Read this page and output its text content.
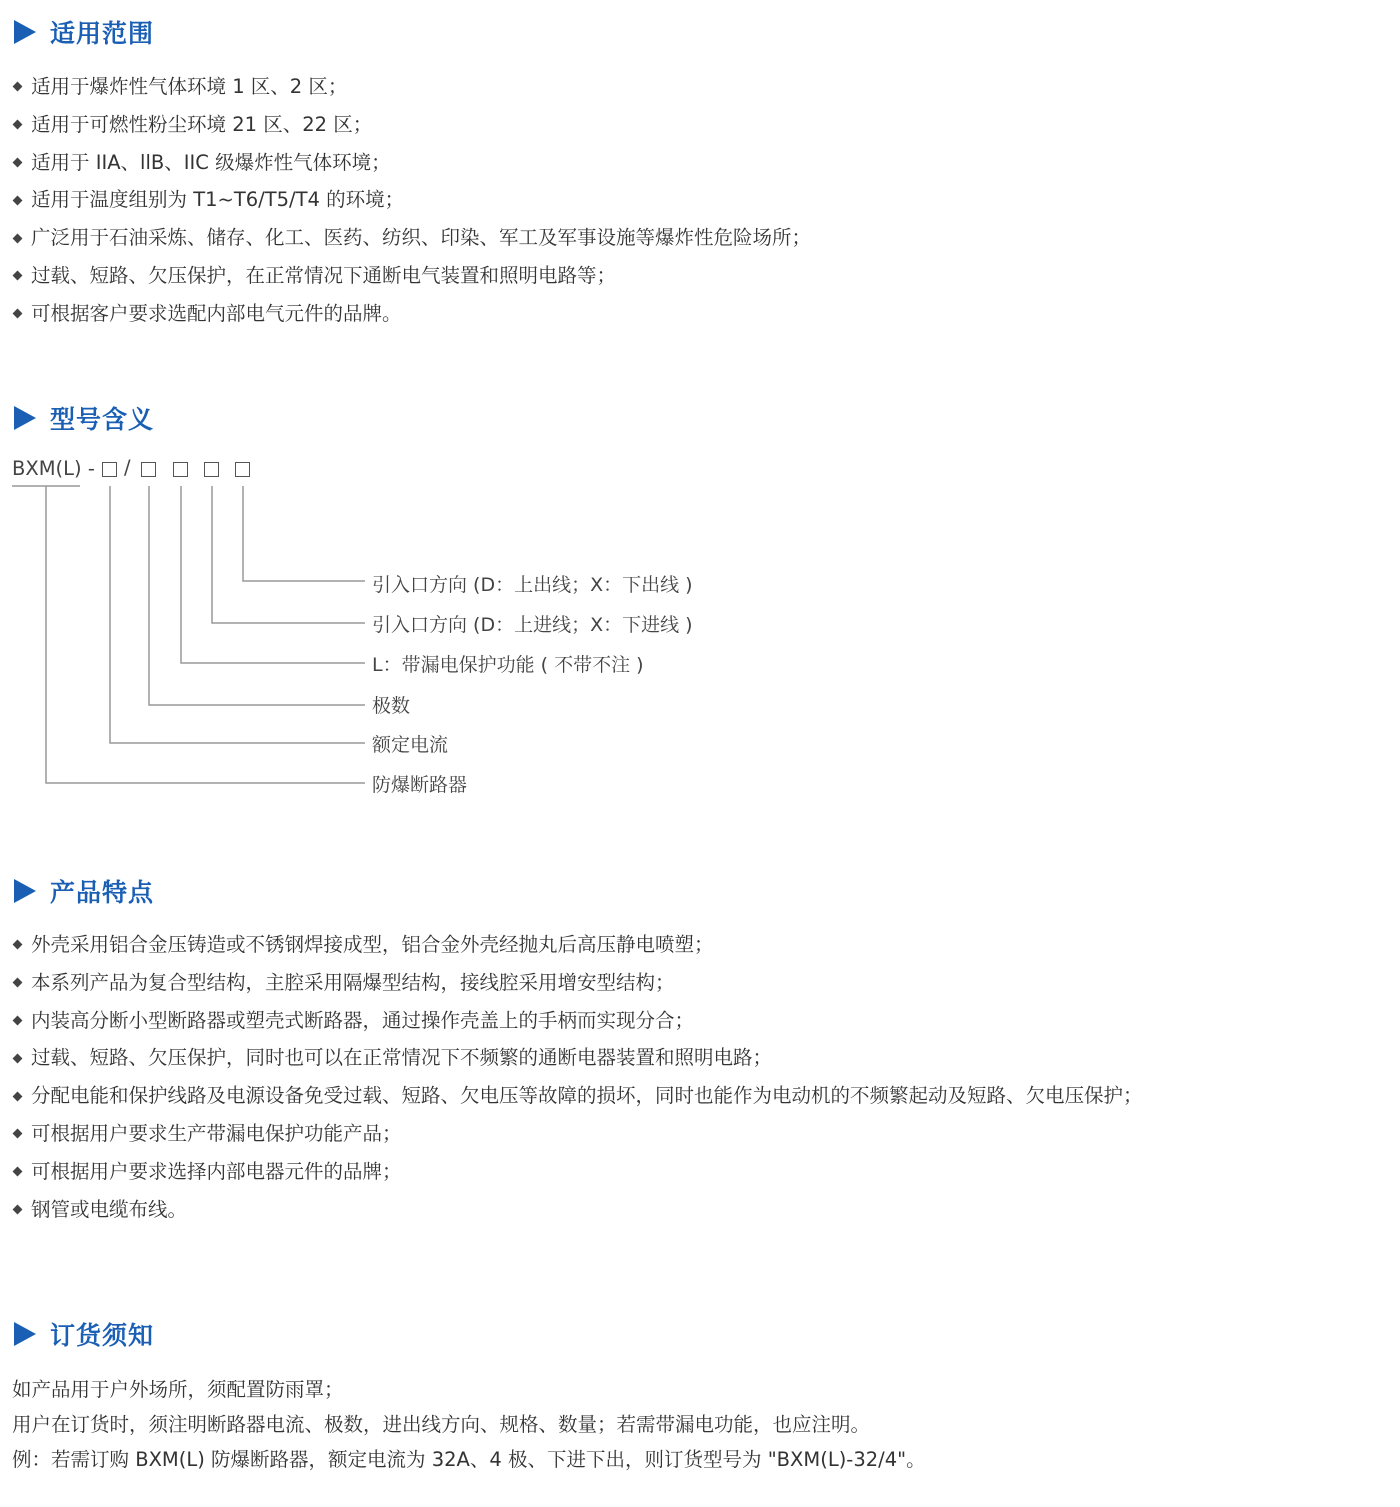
适用范围
适用于爆炸性气体环境 1 区、2 区；
适用于可燃性粉尘环境 21 区、22 区；
适用于 IIA、llB、IIC 级爆炸性气体环境；
适用于温度组别为 T1~T6/T5/T4 的环境；
广泛用于石油采炼、储存、化工、医药、纺织、印染、军工及军事设施等爆炸性危险场所；
过载、短路、欠压保护，在正常情况下通断电气装置和照明电路等；
可根据客户要求选配内部电气元件的品牌。
型号含义
BXM(L) - /
引入口方向 (D：上出线；X：下出线 )
引入口方向 (D：上进线；X：下进线 )
L：带漏电保护功能 ( 不带不注 )
极数
额定电流
防爆断路器
产品特点
外壳采用铝合金压铸造或不锈钢焊接成型，铝合金外壳经抛丸后高压静电喷塑；
本系列产品为复合型结构，主腔采用隔爆型结构，接线腔采用增安型结构；
内装高分断小型断路器或塑壳式断路器，通过操作壳盖上的手柄而实现分合；
过载、短路、欠压保护，同时也可以在正常情况下不频繁的通断电器装置和照明电路；
分配电能和保护线路及电源设备免受过载、短路、欠电压等故障的损坏，同时也能作为电动机的不频繁起动及短路、欠电压保护；
可根据用户要求生产带漏电保护功能产品；
可根据用户要求选择内部电器元件的品牌；
钢管或电缆布线。
订货须知

如产品用于户外场所，须配置防雨罩；

用户在订货时，须注明断路器电流、极数，进出线方向、规格、数量；若需带漏电功能，也应注明。

例：若需订购 BXM(L) 防爆断路器，额定电流为 32A、4 极、下进下出，则订货型号为 "BXM(L)-32/4"。
